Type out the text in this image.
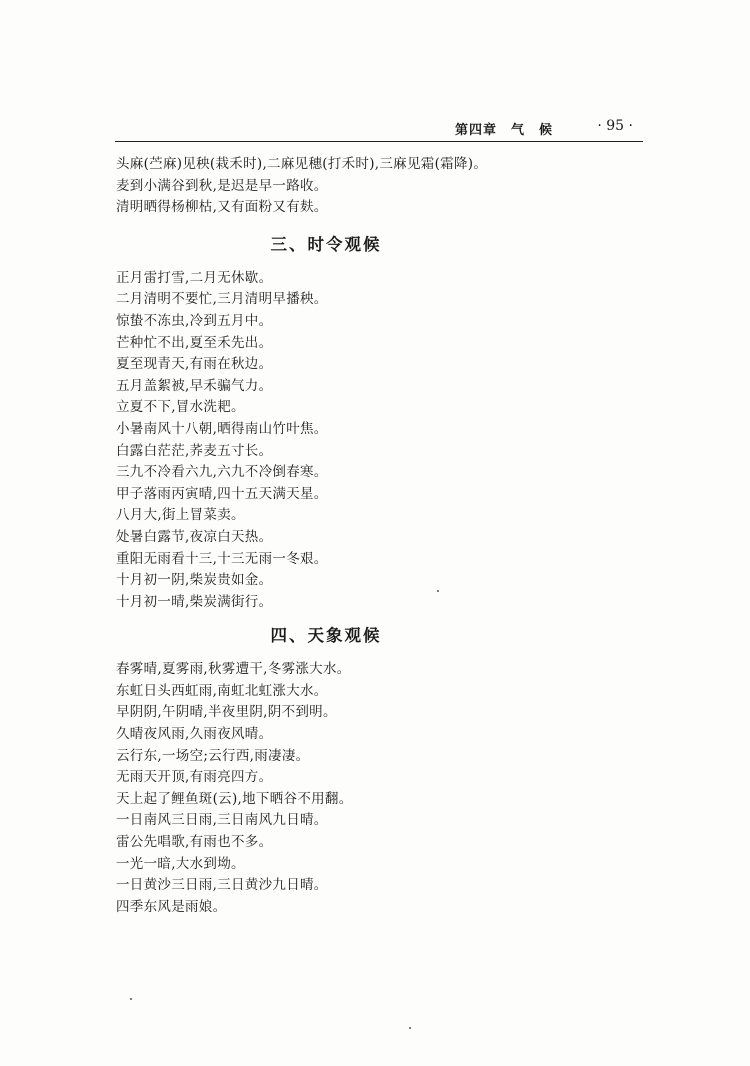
第四章　气　候	· 95 ·
头麻(苎麻)见秧(栽禾时),二麻见穗(打禾时),三麻见霜(霜降)。
麦到小满谷到秋,是迟是早一路收。
清明晒得杨柳枯,又有面粉又有麸。
三、时令观候
正月雷打雪,二月无休歇。
二月清明不要忙,三月清明早播秧。
惊蛰不冻虫,冷到五月中。
芒种忙不出,夏至禾先出。
夏至现青天,有雨在秋边。
五月盖絮被,早禾骗气力。
立夏不下,冒水洗耙。
小暑南风十八朝,晒得南山竹叶焦。
白露白茫茫,荞麦五寸长。
三九不冷看六九,六九不冷倒春寒。
甲子落雨丙寅晴,四十五天满天星。
八月大,街上冒菜卖。
处暑白露节,夜凉白天热。
重阳无雨看十三,十三无雨一冬艰。
十月初一阴,柴炭贵如金。
十月初一晴,柴炭满街行。
四、天象观候
春雾晴,夏雾雨,秋雾遭干,冬雾涨大水。
东虹日头西虹雨,南虹北虹涨大水。
早阴阴,午阴晴,半夜里阴,阴不到明。
久晴夜风雨,久雨夜风晴。
云行东,一场空;云行西,雨凄凄。
无雨天开顶,有雨亮四方。
天上起了鲤鱼斑(云),地下晒谷不用翻。
一日南风三日雨,三日南风九日晴。
雷公先唱歌,有雨也不多。
一光一暗,大水到坳。
一日黄沙三日雨,三日黄沙九日晴。
四季东风是雨娘。
